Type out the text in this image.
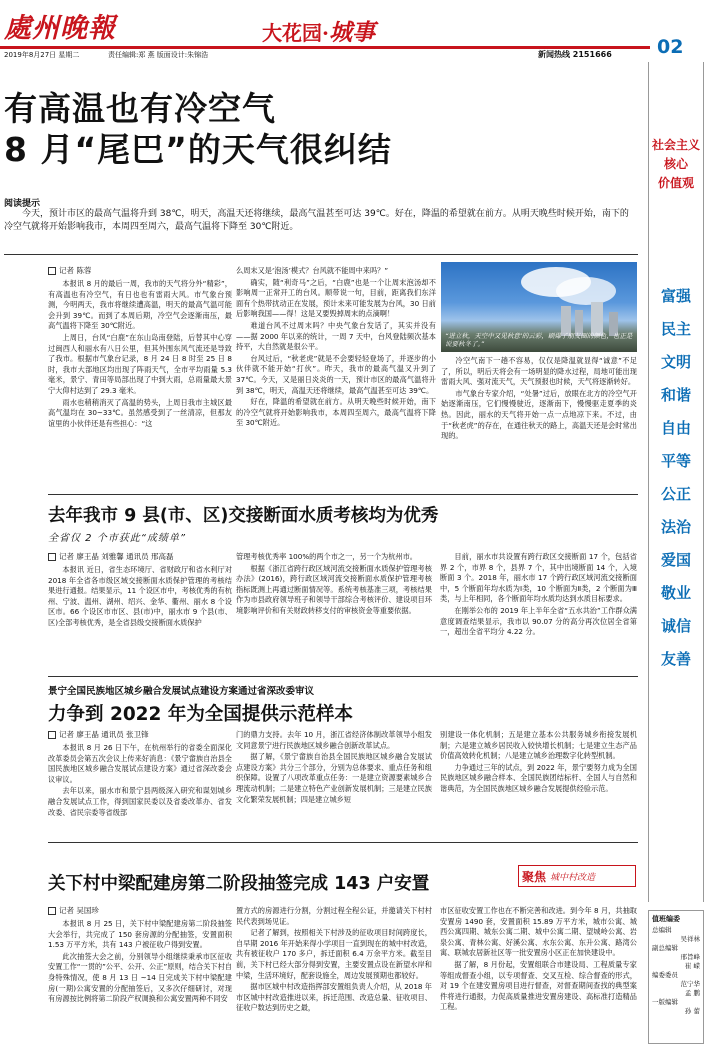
處州晚報	大花园·城事
02
2019年8月27日 星期二	责任编辑:郑 燕 版面设计:朱锦浩	新闻热线 2151666
有高温也有冷空气
8 月“尾巴”的天气很纠结
阅读提示
今天，预计市区的最高气温将升到 38℃，明天，高温天还将继续，最高气温甚至可达 39℃。好在，降温的希望就在前方。从明天晚些时候开始，南下的冷空气就将开始影响我市，本周四至周六，最高气温将下降至 30℃附近。
记者 陈蓉

本报讯 8 月的最后一周，我市的天气将分外“精彩”，有高温也有冷空气，有日也也有雷雨大风。市气象台预测，今明两天，我市将继续遭高温，明天的最高气温可能会升到 39℃。而到了本周后期，冷空气会逐渐南压，最高气温将下降至 30℃附近。

上周日，台风“白鹿”在东山岛南登陆，后替其中心穿过闽西人和丽水有八日公里，但其外围东风气流还是导致了我市。根据市气象台记录，8 月 24 日 8 时至 25 日 8 时，我市大部地区均出现了阵雨天气，全市平均雨量 5.3 毫米，景宁、青田等局部出现了中到大雨，总雨量最大景宁大仰村达到了 29.3 毫米。

雨水也稍稍消灭了高温的势头，上周日我市主城区最高气温均在 30~33℃。虽然感受到了一丝清凉，但那友谊里的小伙伴还是有些担心：“这

么周末又是‘泡汤’模式？台风就不能周中来吗？”

确实，随“利奇马”之后，“白鹿”也是一个让周末泡汤却不影响周一正常开工的台风。顺带说一句，目前，距离我们东洋面有个热带扰动正在发展，预计未来可能发展为台风，30 日前后影响我国——得！这是又要毁掉周末的点滴啊！

难道台风不过周末吗？中央气象台发话了，其实并没有——据 2000 年以来的统计，一周 7 天中，台风登陆频次基本持平，大自然就是很公平。

台风过后，“秋老虎”就是不会要轻轻登场了，并逐步的小伙伴就不能开始“打伙”。昨天，我市的最高气温又升到了 37℃。今天，又是丽日炎炎的一天，预计市区的最高气温将升到 38℃，明天，高温天还将继续，最高气温甚至可达 39℃。

好在，降温的希望就在前方。从明天晚些时候开始，南下的冷空气就将开始影响我市，本周四至周六，最高气温将下降至 30℃附近。

“进立秋，天空中又见秋意’的云彩，刷爆了朋友圈的颜色，也正是说要秋冬了。”

冷空气南下一趟不容易，仅仅是降温就显得“诚意”不足了，所以，明后天将会有一场明显的降水过程，局地可能出现雷雨大风、强对流天气，天气预报也时候，天气将逐渐转好。

市气象台专家介绍，“处暑”过后，放眼在北方的冷空气开始逐渐南压，它们慢慢驶近，逐渐南下，慢慢驱走夏季的炎热。因此，丽水的天气将开始一点一点地凉下来。不过，由于“秋老虎”的存在，在通往秋天的路上，高温天还是会时常出现的。

去年我市 9 县(市、区)交接断面水质考核均为优秀
全省仅 2 个市获此“成绩单”
记者 廖王晶 刘雅馨 通讯员 邢高磊

本报讯 近日，省生态环境厅、省财政厅和省水利厅对 2018 年全省各市级区域交接断面水质保护管理的考核结果进行通报。结果显示，11 个设区市中，考核优秀的有杭州、宁波、温州、湖州、绍兴、金华、衢州、丽水 8 个设区市。66 个设区市市区、县(市)中，丽水市 9 个县(市、区)全部考核优秀，是全省县级交接断面水质保护

管理考核优秀率 100%的两个市之一，另一个为杭州市。

根据《浙江省跨行政区域河流交接断面水质保护管理考核办法》(2016)，跨行政区域河流交接断面水质保护管理考核指标既测上再通过断面情况等。系统考核基准三项，考核结果作为市县政府领导班子和领导干部综合考核评价、建设项目环境影响评价和有关财政转移支付的审核资金等重要依据。

目前，丽水市共设置有跨行政区交接断面 17 个，包括省界 2 个，市界 8 个，县界 7 个，其中出境断面 14 个，入境断面 3 个。2018 年，丽水市 17 个跨行政区域河流交接断面中，5 个断面年均水质为Ⅰ类，10 个断面为Ⅱ类，2 个断面为Ⅲ类，与上年相同，各个断面年均水质均达到水质目标要求。

在刚举公布的 2019 年上半年全省“五水共治”工作群众满意度调查结果显示，我市以 90.07 分的高分再次位居全省第一，超出全省平均分 4.22 分。

景宁全国民族地区城乡融合发展试点建设方案通过省深改委审议
力争到 2022 年为全国提供示范样本
记者 廖王晶 通讯员 张卫锋

本报讯 8 月 26 日下午，在杭州举行的省委全面深化改革委员会第五次会议上传来好消息：《景宁畲族自治县全国民族地区城乡融合发展试点建设方案》通过省深改委会议审议。

去年以来，丽水市和景宁县两级深入研究和谋划城乡融合发展试点工作，得到国家民委以及省委改革办、省发改委、省民宗委等省级部

门的鼎力支持。去年 10 月，浙江省经济体制改革领导小组发文同意景宁进行民族地区城乡融合创新改革试点。

据了解，《景宁畲族自治县全国民族地区城乡融合发展试点建设方案》共分三个部分，分别为总体要求、重点任务和组织保障。设置了八项改革重点任务：一是建立资源要素城乡合理流动机制；二是建立特色产业创新发展机制；三是建立民族文化繁荣发展机制；四是建立城乡短

别建设一体化机制；五是建立基本公共服务城乡衔接发展机制；六是建立城乡居民收入较快增长机制；七是建立生态产品价值高效转化机制；八是建立城乡治理数字化转型机制。

力争通过三年的试点，到 2022 年，景宁要努力成为全国民族地区城乡融合样本、全国民族团结标杆、全国人与自然和谐典范，为全国民族地区城乡融合发展提供经验示范。

关下村中梁配建房第二阶段抽签完成 143 户安置	聚焦 城中村改造
记者 吴国珍

本报讯 8 月 25 日，关下村中梁配建房第二阶段抽签大会举行，共完成了 150 套房源的分配抽签，安置面积 1.53 万平方米，共有 143 户被征收户得到安置。

此次抽签大会之前，分别领导小组继续秉承市区征收安置工作“一贯的”公平、公开、公正”原则，结合关下村自身特殊情况，使 8 月 13 日 ~14 日完成关下村中梁配建房(一期)公寓安置的分配抽签后，又多次仔细研讨，对现有房源按比例将第二阶段产权调换和公寓安置两种不同安

置方式的房源进行分割，分割过程全程公证，并邀请关下村村民代表到场见证。

记者了解到，按照相关下村涉及的征收项目时间跨度长，自早期 2016 年开始来得小学项目一直到现在的城中村改造，共有被征收户 170 多户，拆迁面积 6.4 万余平方米。截至目前，关下村已经大部分得到安置，主要安置点设在新望水岸和中梁，生活环境好，配套设施全，周边发展预期也都较好。

据市区城中村改造指挥部安置组负责人介绍，从 2018 年市区城中村改造推进以来，拆迁范围、改造总量、征收项目、征收户数达到历史之最，

市区征收安置工作也在不断完善和改进。到今年 8 月，共抽取安置房 1490 套，安置面积 15.89 万平方米，城市公寓、城西公寓四期、城东公寓二期、城中公寓二期、望城岭公寓、岩泉公寓、青林公寓、好溪公寓、水东公寓、东升公寓、路湾公寓、联城农居新社区等一批安置房小区正在加快建设中。

据了解，8 月份起，安置组联合市建设局、工程质量专家等组成督查小组，以专项督查、交叉互检、综合督查的形式，对 19 个在建安置房项目进行督查，对督查期间查找的典型案件将进行通报，力促高质量推进安置房建设、高标准打造精品工程。

社会主义
核心
价值观
富强
民主
文明
和谐
自由
平等
公正
法治
爱国
敬业
诚信
友善
值班编委
总编辑
吴祥林
副总编辑
邢旨峰
崔 嵘
编委委员
范宁华
孟 鹏
一版编辑
孙 蕾
